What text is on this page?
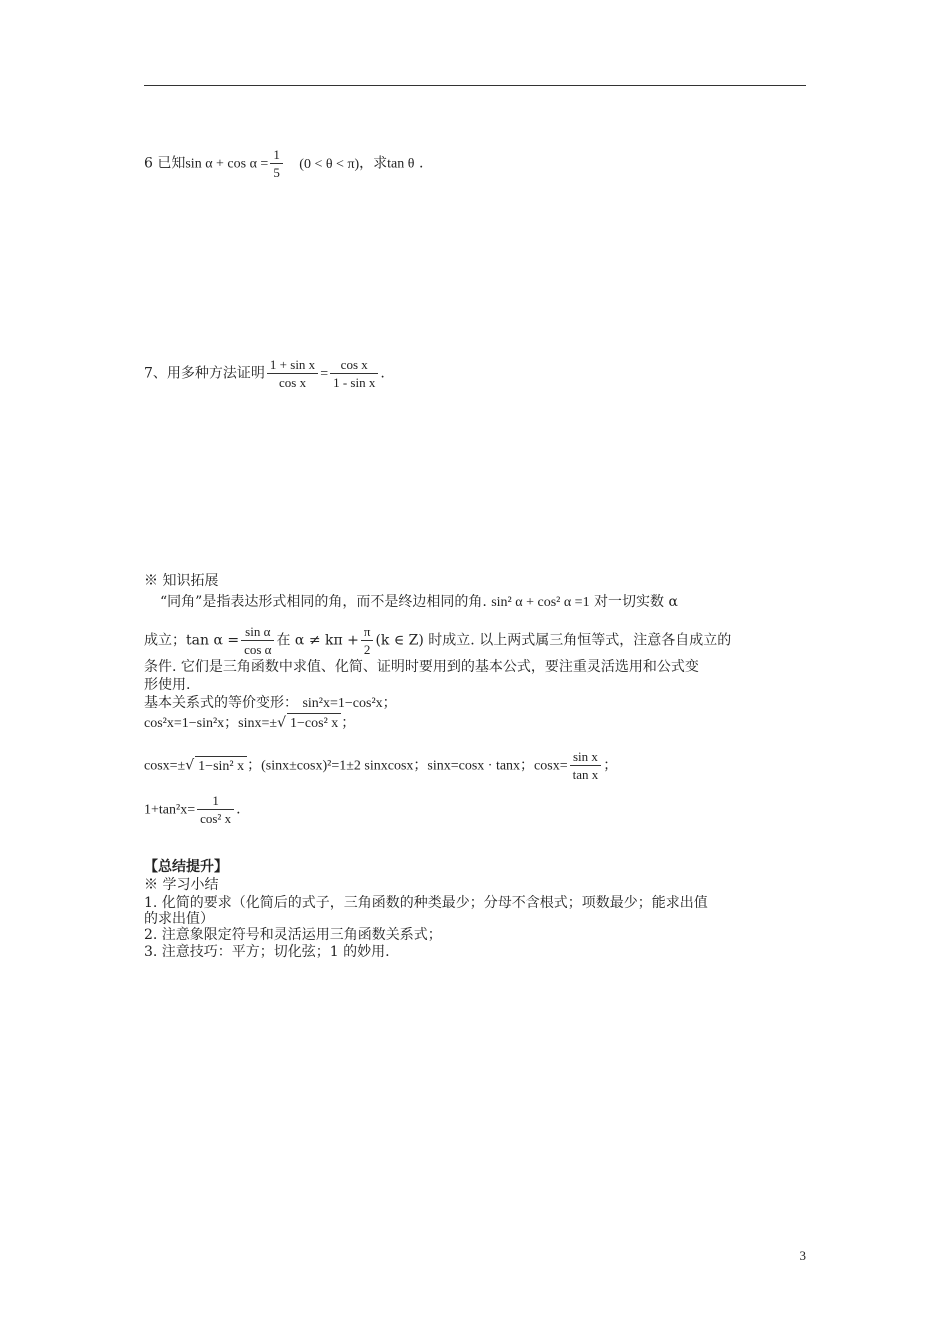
6 已知$\sin \alpha + \cos \alpha = \frac{1}{5} (0 < \theta < \pi)$，求tan θ .
7、用多种方法证明 $\frac{\text{1 + sin x}}{\text{cos x}} = \frac{\text{cos x}}{\text{1 - sin x}}$ .
※ 知识拓展
“同角”是指表达形式相同的角，而不是终边相同的角. sin² α + cos² α =1 对一切实数 α
成立；$\tan \alpha = \frac{\text{sin α}}{\text{cos α}}$ 在 $\alpha \ne k\pi + \frac{\pi}{2} (k$ ∈ Z) 时成立. 以上两式属三角恒等式，注意各自成立的
条件. 它们是三角函数中求值、化简、证明时要用到的基本公式，要注重灵活选用和公式变
形使用.
基本关系式的等价变形： sin²x=1−cos²x；
cos²x=1−sin²x；sinx=±√ 1−cos² x ；
cosx=±√ 1−sin² x ；(sinx±cosx)²=1±2 sinxcosx；sinx=cosx · tanx；$\cos x= \frac{\text{sin x}}{\text{tan x}}$ ；
$1+\tan^2x= \frac{1}{\text{cos² x}}$ .
【总结提升】
※ 学习小结
1. 化简的要求（化简后的式子，三角函数的种类最少；分母不含根式；项数最少；能求出值
的求出值）
2. 注意象限定符号和灵活运用三角函数关系式；
3. 注意技巧：平方；切化弦；1 的妙用.
3
